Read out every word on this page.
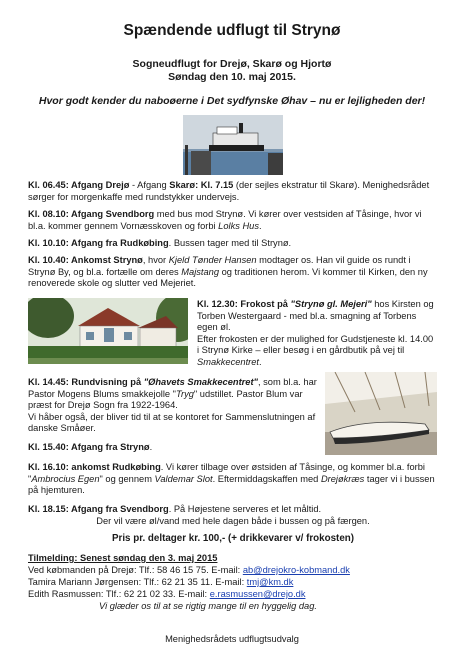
Spændende udflugt til Strynø
Sogneudflugt for Drejø, Skarø og Hjortø
Søndag den 10. maj 2015.
Hvor godt kender du naboøerne i Det sydfynske Øhav – nu er lejligheden der!
Kl. 06.45: Afgang Drejø - Afgang Skarø: Kl. 7.15 (der sejles ekstratur til Skarø). Menighedsrådet sørger for morgenkaffe med rundstykker undervejs.
Kl. 08.10: Afgang Svendborg med bus mod Strynø. Vi kører over vestsiden af Tåsinge, hvor vi bl.a. kommer gennem Vornæsskoven og forbi Lolks Hus.
Kl. 10.10: Afgang fra Rudkøbing. Bussen tager med til Strynø.
Kl. 10.40: Ankomst Strynø, hvor Kjeld Tønder Hansen modtager os. Han vil guide os rundt i Strynø By, og bl.a. fortælle om deres Majstang og traditionen herom. Vi kommer til Kirken, den ny renoverede skole og slutter ved Mejeriet.
Kl. 12.30: Frokost på "Strynø gl. Mejeri" hos Kirsten og Torben Westergaard - med bl.a. smagning af Torbens egen øl.
Efter frokosten er der mulighed for Gudstjeneste kl. 14.00 i Strynø Kirke – eller besøg i en gårdbutik på vej til Smakkecentret.
Kl. 14.45: Rundvisning på "Øhavets Smakkecentret", som bl.a. har Pastor Mogens Blums smakkejolle "Tryg" udstillet. Pastor Blum var præst for Drejø Sogn fra 1922-1964.
Vi håber også, der bliver tid til at se kontoret for Sammenslutningen af danske Småøer.
Kl. 15.40: Afgang fra Strynø.
Kl. 16.10: ankomst Rudkøbing. Vi kører tilbage over østsiden af Tåsinge, og kommer bl.a. forbi "Ambrocius Egen" og gennem Valdemar Slot. Eftermiddagskaffen med Drejøkræs tager vi i bussen på hjemturen.
Kl. 18.15: Afgang fra Svendborg. På Højestene serveres et let måltid.
Der vil være øl/vand med hele dagen både i bussen og på færgen.
Pris pr. deltager kr. 100,- (+ drikkevarer v/ frokosten)
Tilmelding: Senest søndag den 3. maj 2015
Ved købmanden på Drejø: Tlf.: 58 46 15 75. E-mail: ab@drejokro-kobmand.dk
Tamira Mariann Jørgensen: Tlf.: 62 21 35 11. E-mail: tmj@km.dk
Edith Rasmussen: Tlf.: 62 21 02 33. E-mail: e.rasmussen@drejo.dk
Vi glæder os til at se rigtig mange til en hyggelig dag.
Menighedsrådets udflugtsudvalg
